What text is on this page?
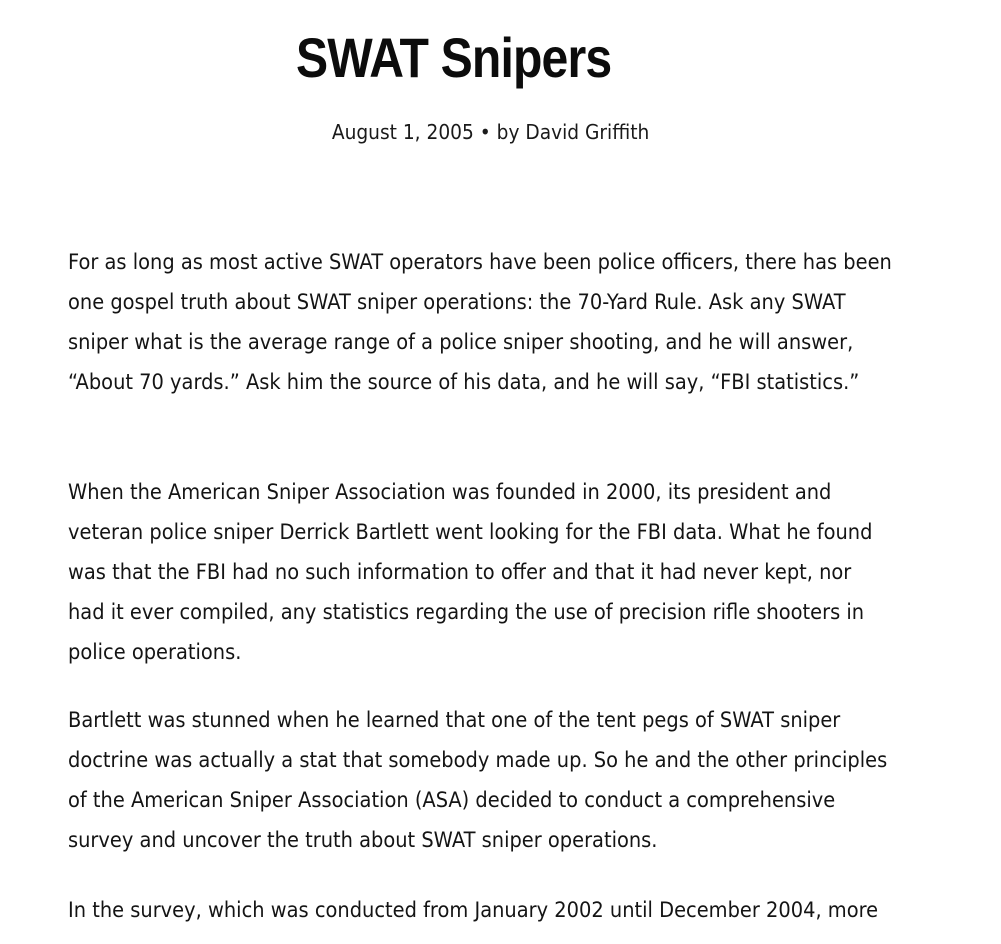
SWAT Snipers
August 1, 2005 • by David Griffith

For as long as most active SWAT operators have been police officers, there has been
one gospel truth about SWAT sniper operations: the 70-Yard Rule. Ask any SWAT
sniper what is the average range of a police sniper shooting, and he will answer,
“About 70 yards.” Ask him the source of his data, and he will say, “FBI statistics.”

When the American Sniper Association was founded in 2000, its president and
veteran police sniper Derrick Bartlett went looking for the FBI data. What he found
was that the FBI had no such information to offer and that it had never kept, nor
had it ever compiled, any statistics regarding the use of precision rifle shooters in
police operations.

Bartlett was stunned when he learned that one of the tent pegs of SWAT sniper
doctrine was actually a stat that somebody made up. So he and the other principles
of the American Sniper Association (ASA) decided to conduct a comprehensive
survey and uncover the truth about SWAT sniper operations.

In the survey, which was conducted from January 2002 until December 2004, more
